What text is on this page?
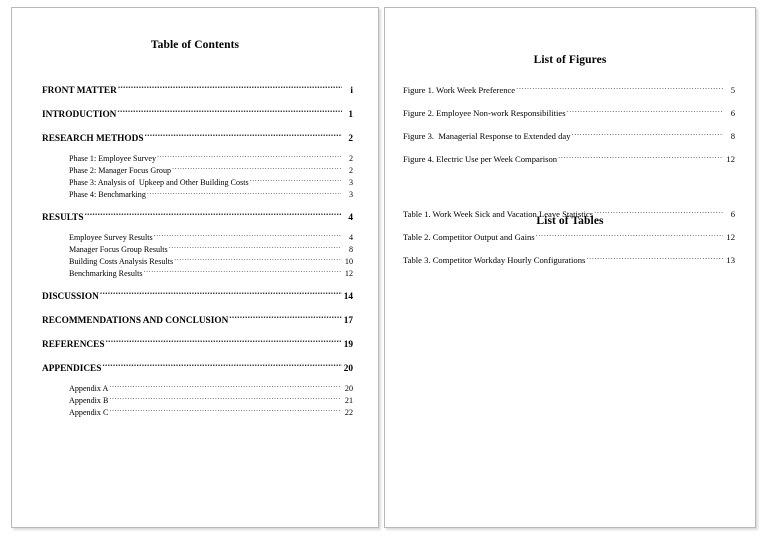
Table of Contents
FRONT MATTER .....	i
INTRODUCTION .....	1
RESEARCH METHODS .....	2
Phase 1: Employee Survey .....	2
Phase 2: Manager Focus Group .....	2
Phase 3: Analysis of  Upkeep and Other Building Costs .....	3
Phase 4: Benchmarking .....	3
RESULTS .....	4
Employee Survey Results .....	4
Manager Focus Group Results .....	8
Building Costs Analysis Results .....	10
Benchmarking Results .....	12
DISCUSSION .....	14
RECOMMENDATIONS AND CONCLUSION .....	17
REFERENCES .....	19
APPENDICES .....	20
Appendix A .....	20
Appendix B .....	21
Appendix C .....	22
List of Figures
Figure 1. Work Week Preference .....	5
Figure 2. Employee Non-work Responsibilities .....	6
Figure 3.  Managerial Response to Extended day .....	8
Figure 4. Electric Use per Week Comparison .....	12
List of Tables
Table 1. Work Week Sick and Vacation Leave Statistics .....	6
Table 2. Competitor Output and Gains .....	12
Table 3. Competitor Workday Hourly Configurations .....	13
